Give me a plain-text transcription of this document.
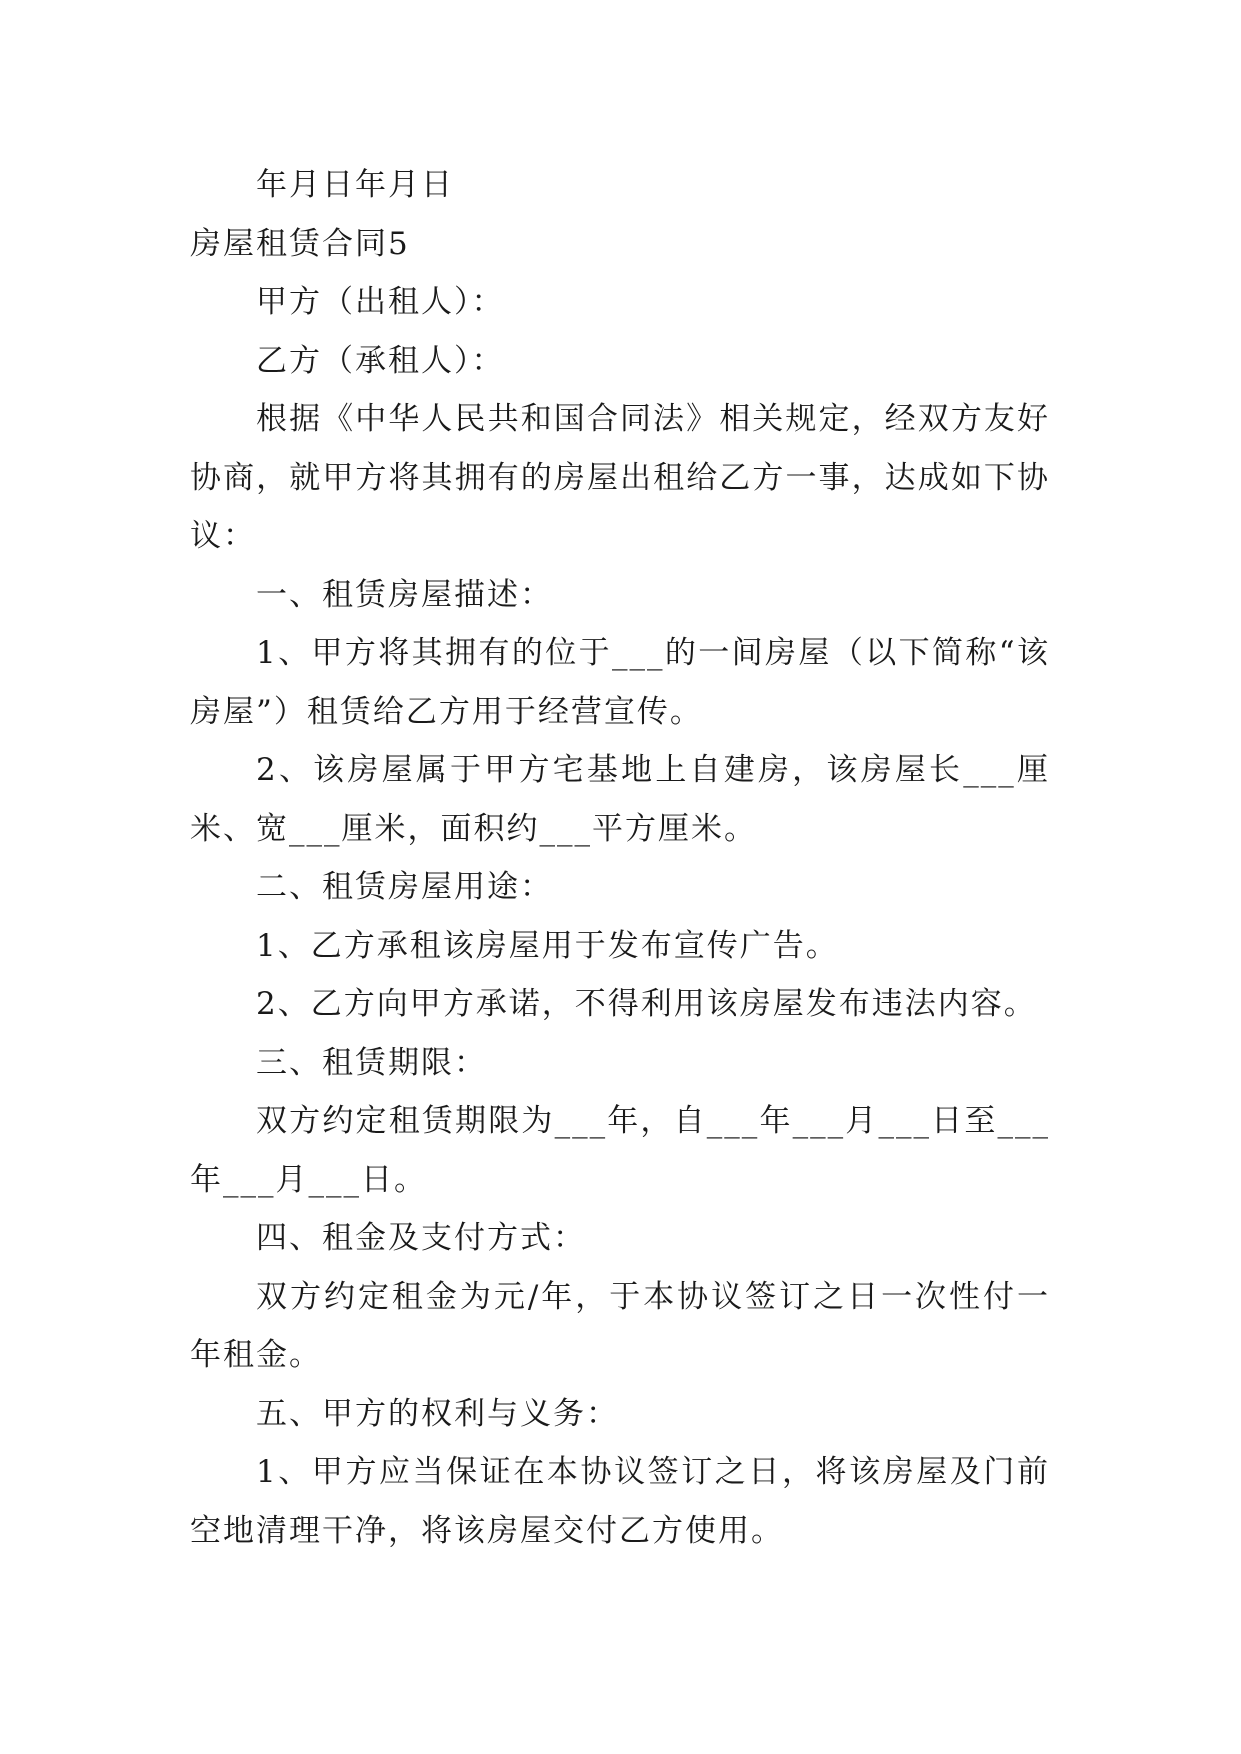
年月日年月日

房屋租赁合同5

甲方（出租人）：

乙方（承租人）：

根据《中华人民共和国合同法》相关规定，经双方友好协商，就甲方将其拥有的房屋出租给乙方一事，达成如下协议：

一、租赁房屋描述：

1、甲方将其拥有的位于___的一间房屋（以下简称“该房屋”）租赁给乙方用于经营宣传。

2、该房屋属于甲方宅基地上自建房，该房屋长___厘米、宽___厘米，面积约___平方厘米。

二、租赁房屋用途：

1、乙方承租该房屋用于发布宣传广告。

2、乙方向甲方承诺，不得利用该房屋发布违法内容。

三、租赁期限：

双方约定租赁期限为___年，自___年___月___日至___年___月___日。

四、租金及支付方式：

双方约定租金为元/年，于本协议签订之日一次性付一年租金。

五、甲方的权利与义务：

1、甲方应当保证在本协议签订之日，将该房屋及门前空地清理干净，将该房屋交付乙方使用。
